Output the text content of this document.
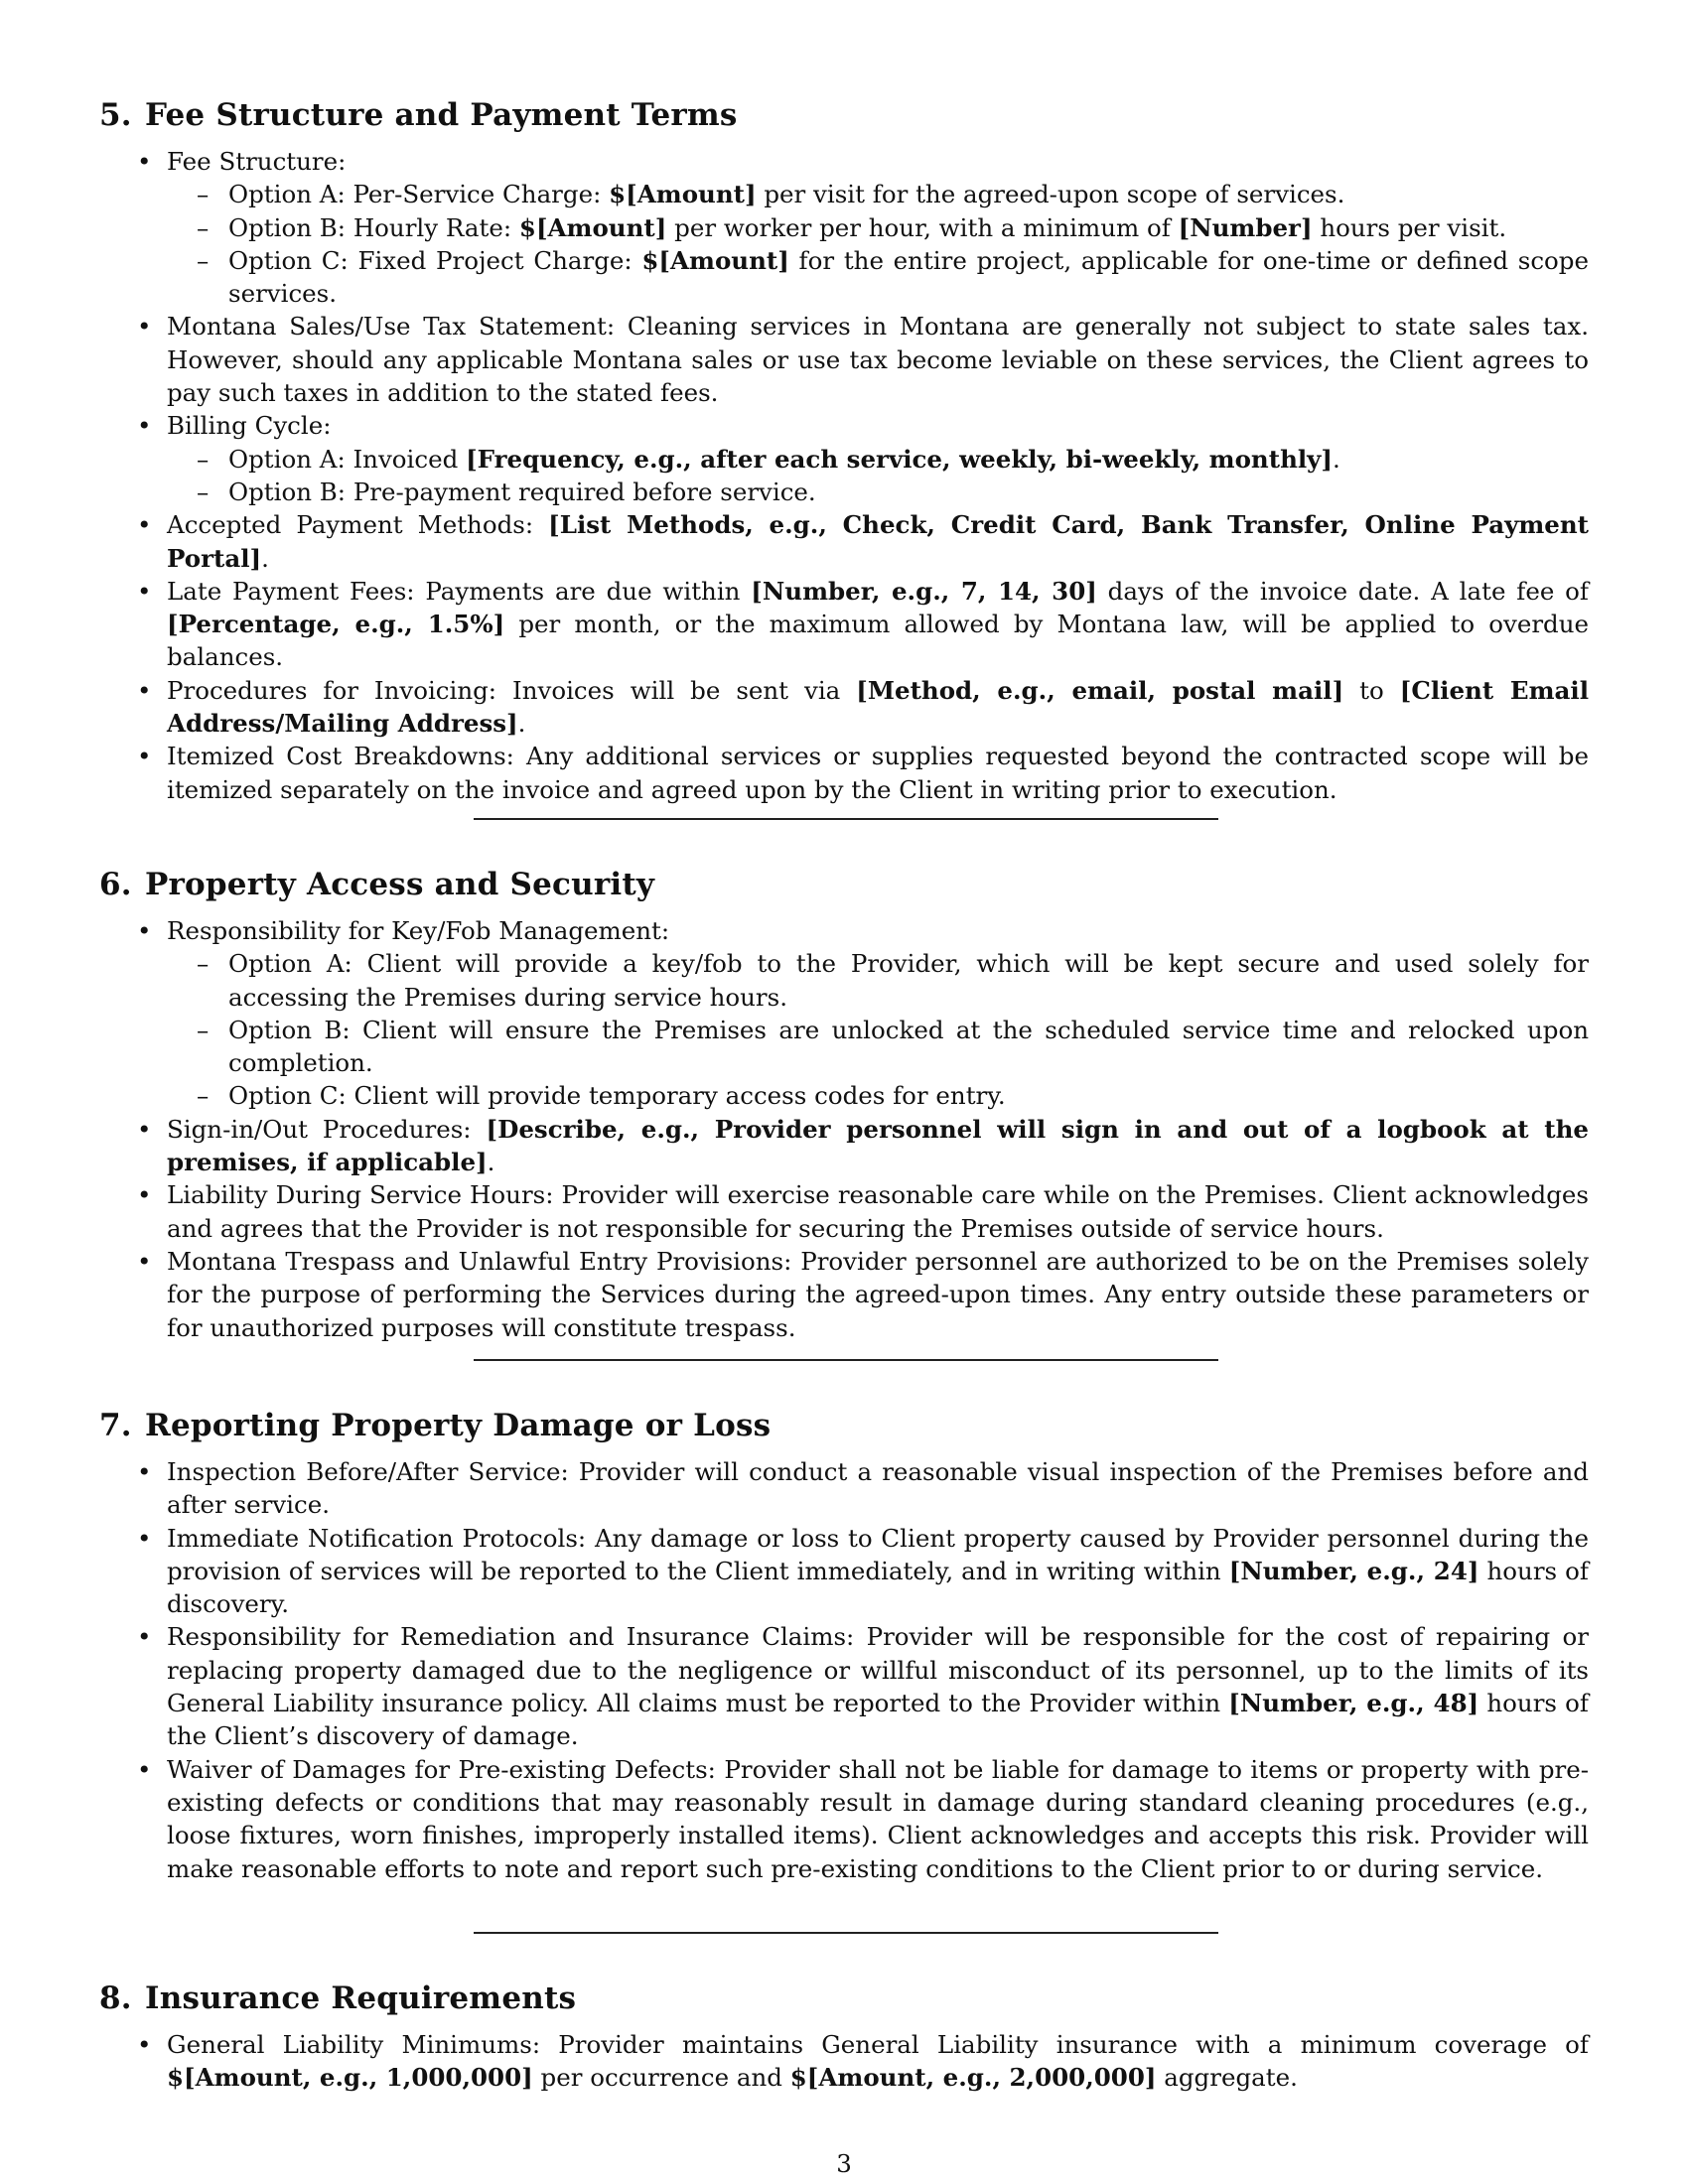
5. Fee Structure and Payment Terms
• Fee Structure:
– Option A: Per-Service Charge: $[Amount] per visit for the agreed-upon scope of services.
– Option B: Hourly Rate: $[Amount] per worker per hour, with a minimum of [Number] hours per visit.
– Option C: Fixed Project Charge: $[Amount] for the entire project, applicable for one-time or defined scope services.
• Montana Sales/Use Tax Statement: Cleaning services in Montana are generally not subject to state sales tax. However, should any applicable Montana sales or use tax become leviable on these services, the Client agrees to pay such taxes in addition to the stated fees.
• Billing Cycle:
– Option A: Invoiced [Frequency, e.g., after each service, weekly, bi-weekly, monthly].
– Option B: Pre-payment required before service.
• Accepted Payment Methods: [List Methods, e.g., Check, Credit Card, Bank Transfer, Online Payment Portal].
• Late Payment Fees: Payments are due within [Number, e.g., 7, 14, 30] days of the invoice date. A late fee of [Percentage, e.g., 1.5%] per month, or the maximum allowed by Montana law, will be applied to overdue balances.
• Procedures for Invoicing: Invoices will be sent via [Method, e.g., email, postal mail] to [Client Email Address/Mailing Address].
• Itemized Cost Breakdowns: Any additional services or supplies requested beyond the contracted scope will be itemized separately on the invoice and agreed upon by the Client in writing prior to execution.
6. Property Access and Security
• Responsibility for Key/Fob Management:
– Option A: Client will provide a key/fob to the Provider, which will be kept secure and used solely for accessing the Premises during service hours.
– Option B: Client will ensure the Premises are unlocked at the scheduled service time and relocked upon completion.
– Option C: Client will provide temporary access codes for entry.
• Sign-in/Out Procedures: [Describe, e.g., Provider personnel will sign in and out of a logbook at the premises, if applicable].
• Liability During Service Hours: Provider will exercise reasonable care while on the Premises. Client acknowledges and agrees that the Provider is not responsible for securing the Premises outside of service hours.
• Montana Trespass and Unlawful Entry Provisions: Provider personnel are authorized to be on the Premises solely for the purpose of performing the Services during the agreed-upon times. Any entry outside these parameters or for unauthorized purposes will constitute trespass.
7. Reporting Property Damage or Loss
• Inspection Before/After Service: Provider will conduct a reasonable visual inspection of the Premises before and after service.
• Immediate Notification Protocols: Any damage or loss to Client property caused by Provider personnel during the provision of services will be reported to the Client immediately, and in writing within [Number, e.g., 24] hours of discovery.
• Responsibility for Remediation and Insurance Claims: Provider will be responsible for the cost of repairing or replacing property damaged due to the negligence or willful misconduct of its personnel, up to the limits of its General Liability insurance policy. All claims must be reported to the Provider within [Number, e.g., 48] hours of the Client’s discovery of damage.
• Waiver of Damages for Pre-existing Defects: Provider shall not be liable for damage to items or property with pre-existing defects or conditions that may reasonably result in damage during standard cleaning procedures (e.g., loose fixtures, worn finishes, improperly installed items). Client acknowledges and accepts this risk. Provider will make reasonable efforts to note and report such pre-existing conditions to the Client prior to or during service.
8. Insurance Requirements
• General Liability Minimums: Provider maintains General Liability insurance with a minimum coverage of $[Amount, e.g., 1,000,000] per occurrence and $[Amount, e.g., 2,000,000] aggregate.
3
